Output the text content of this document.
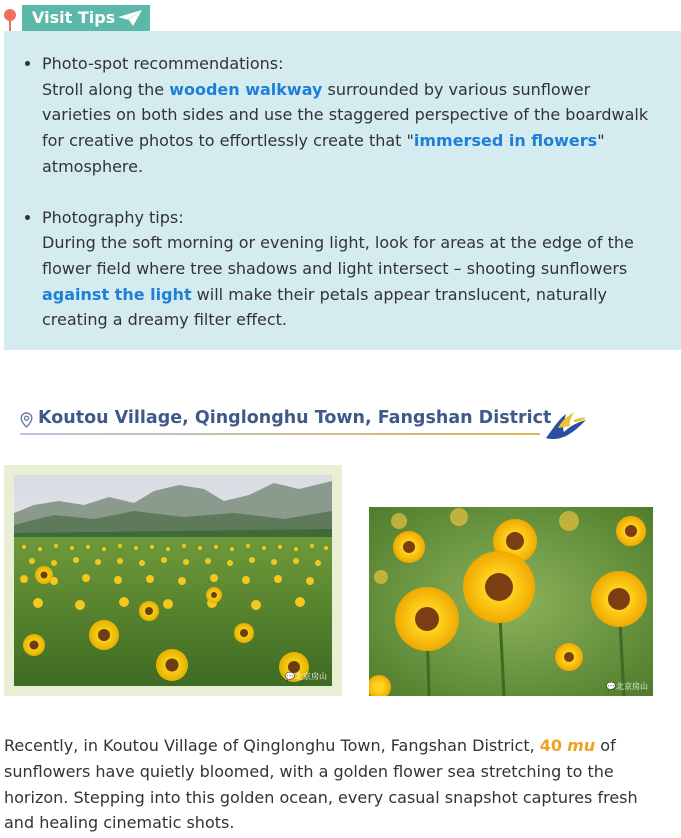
Visit Tips
• Photo-spot recommendations:
Stroll along the wooden walkway surrounded by various sunflower varieties on both sides and use the staggered perspective of the boardwalk for creative photos to effortlessly create that "immersed in flowers" atmosphere.
• Photography tips:
During the soft morning or evening light, look for areas at the edge of the flower field where tree shadows and light intersect – shooting sunflowers against the light will make their petals appear translucent, naturally creating a dreamy filter effect.
Koutou Village, Qinglonghu Town, Fangshan District
💬北京房山
💬北京房山

Recently, in Koutou Village of Qinglonghu Town, Fangshan District, 40 mu of sunflowers have quietly bloomed, with a golden flower sea stretching to the horizon. Stepping into this golden ocean, every casual snapshot captures fresh and healing cinematic shots.
